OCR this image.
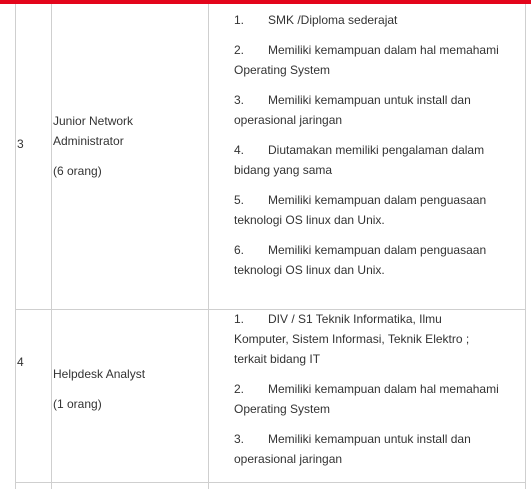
3
Junior Network
Administrator
(6 orang)
1. SMK /Diploma sederajat
2. Memiliki kemampuan dalam hal memahami
Operating System
3. Memiliki kemampuan untuk install dan
operasional jaringan
4. Diutamakan memiliki pengalaman dalam
bidang yang sama
5. Memiliki kemampuan dalam penguasaan
teknologi OS linux dan Unix.
6. Memiliki kemampuan dalam penguasaan
teknologi OS linux dan Unix.
4
Helpdesk Analyst
(1 orang)
1. DIV / S1 Teknik Informatika, Ilmu
Komputer, Sistem Informasi, Teknik Elektro ;
terkait bidang IT
2. Memiliki kemampuan dalam hal memahami
Operating System
3. Memiliki kemampuan untuk install dan
operasional jaringan
